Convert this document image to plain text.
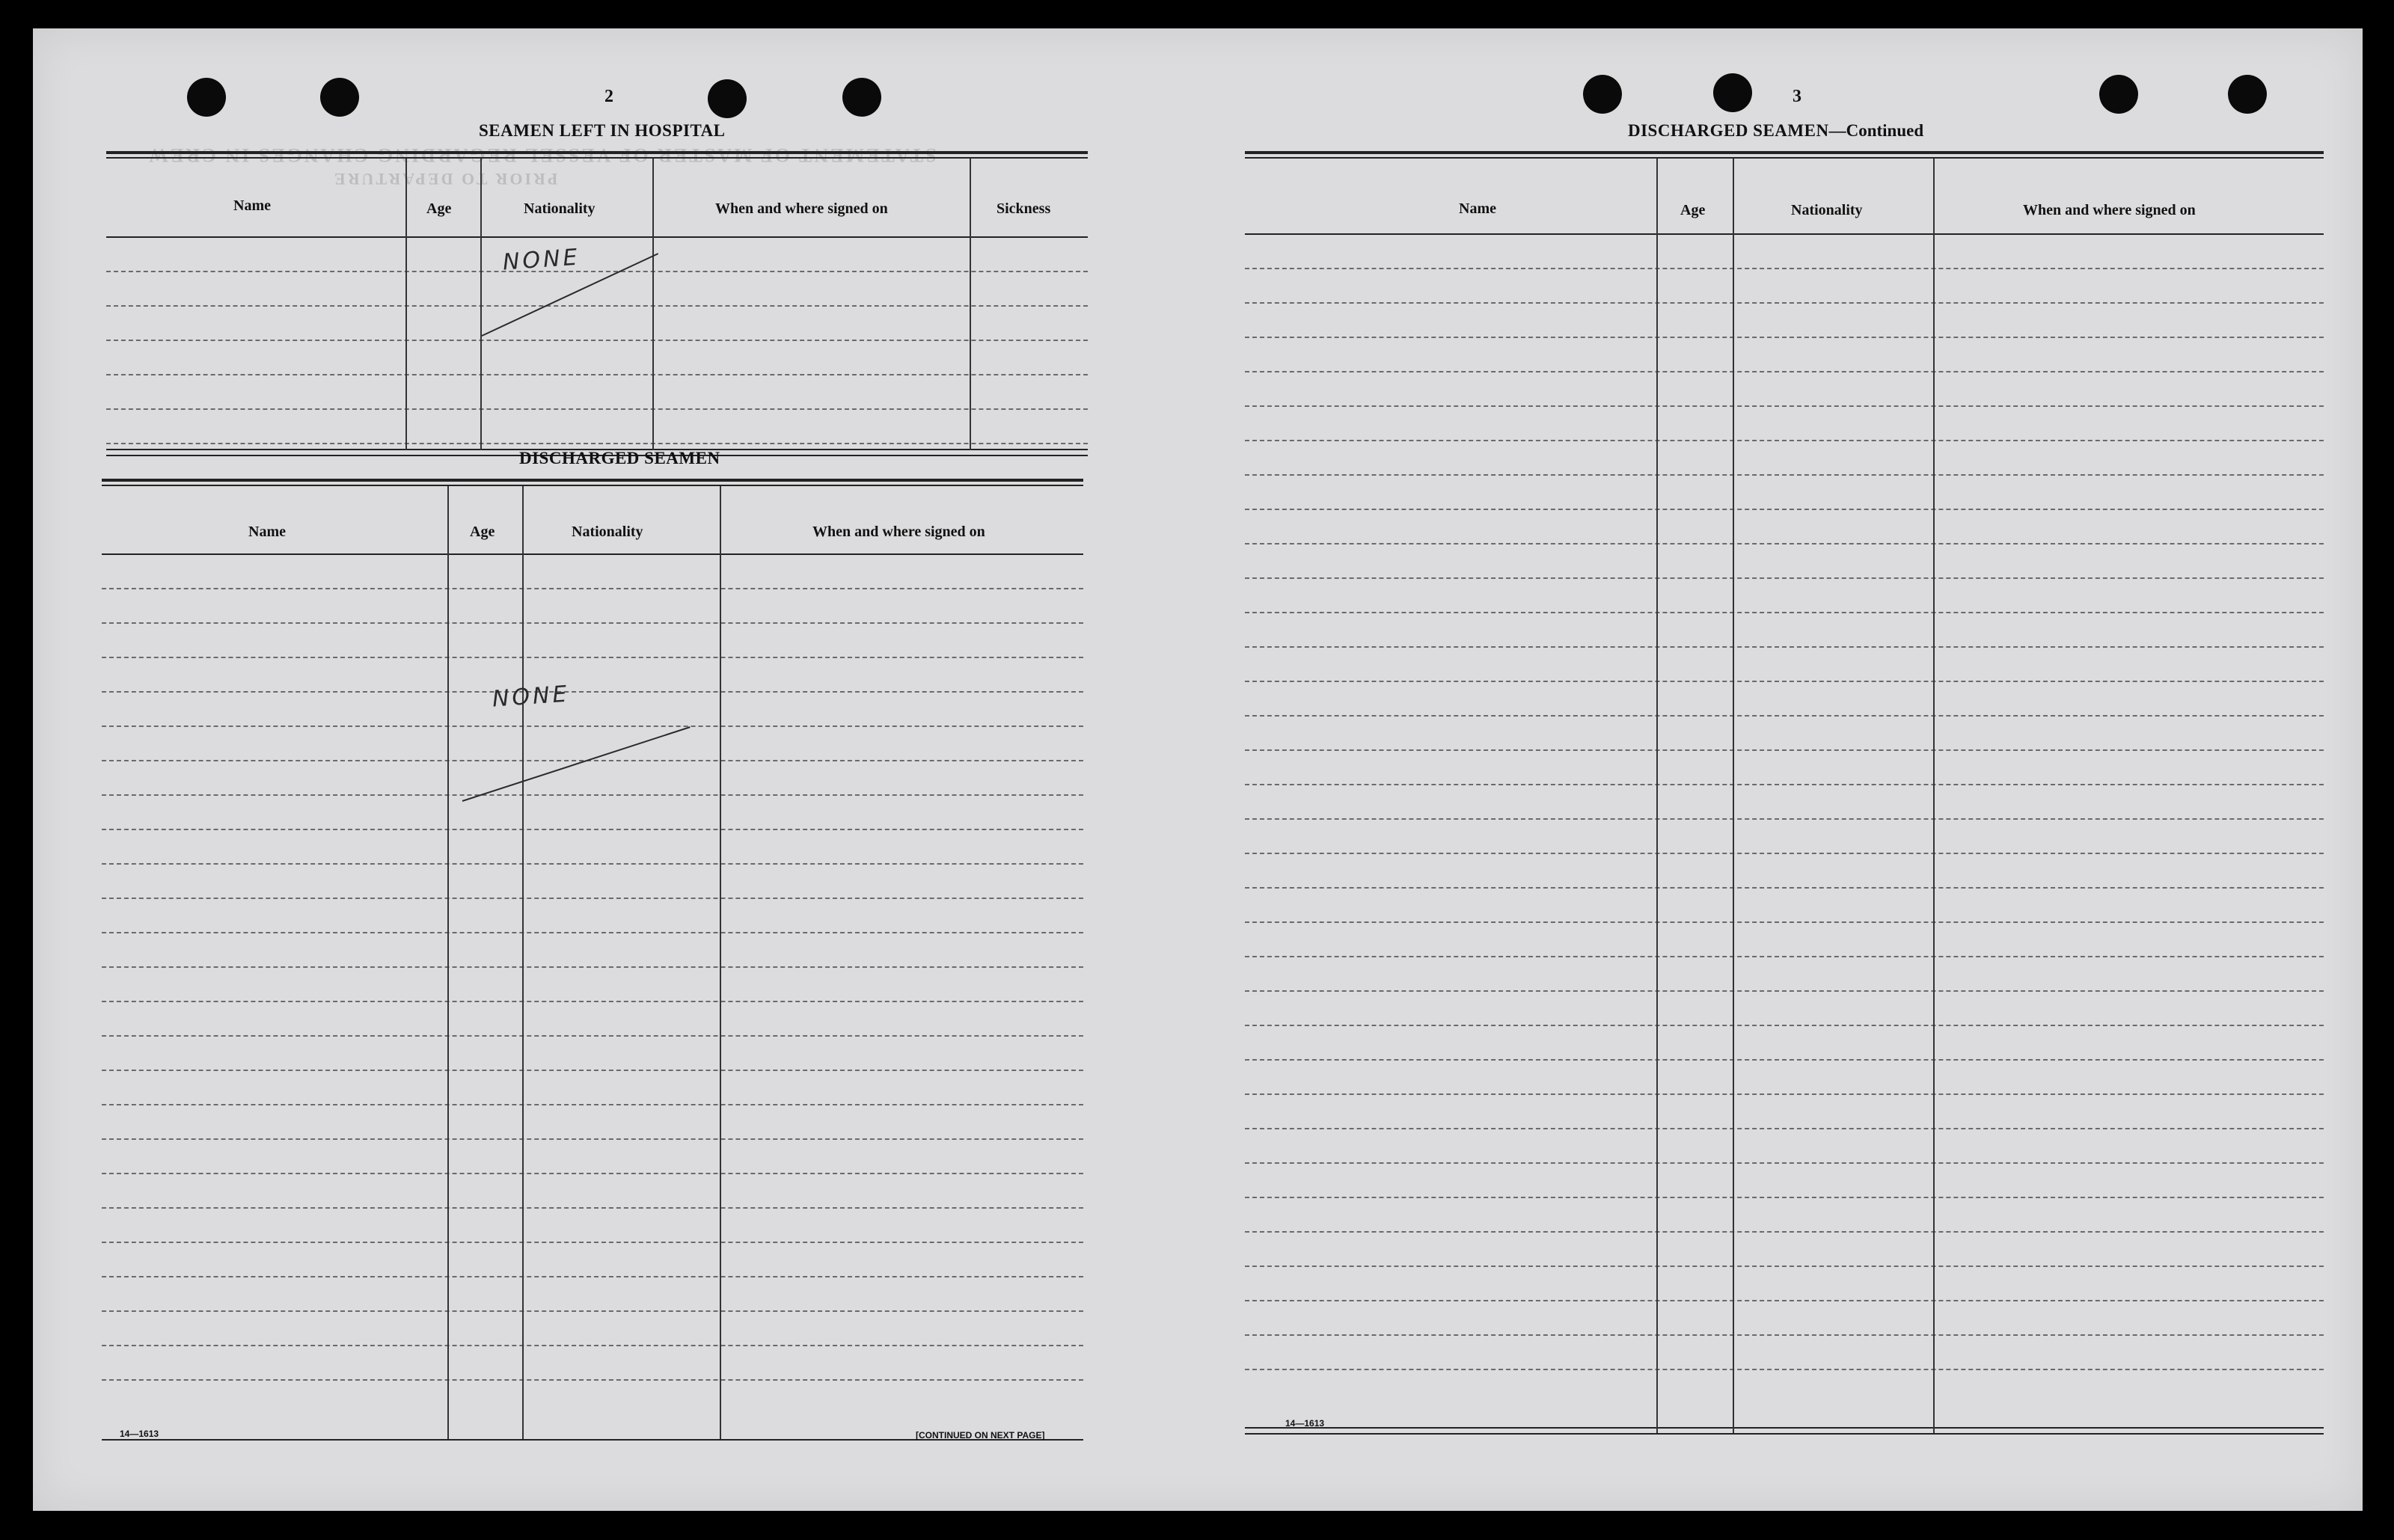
STATEMENT OF MASTER OF VESSEL REGARDING CHANGES IN CREW
PRIOR TO DEPARTURE
2
SEAMEN LEFT IN HOSPITAL
Name	Age	Nationality	When and where signed on	Sickness
NONE
DISCHARGED SEAMEN
Name	Age	Nationality	When and where signed on
NONE
14—1613	[CONTINUED ON NEXT PAGE]
3
DISCHARGED SEAMEN—Continued
Name	Age	Nationality	When and where signed on
14—1613
